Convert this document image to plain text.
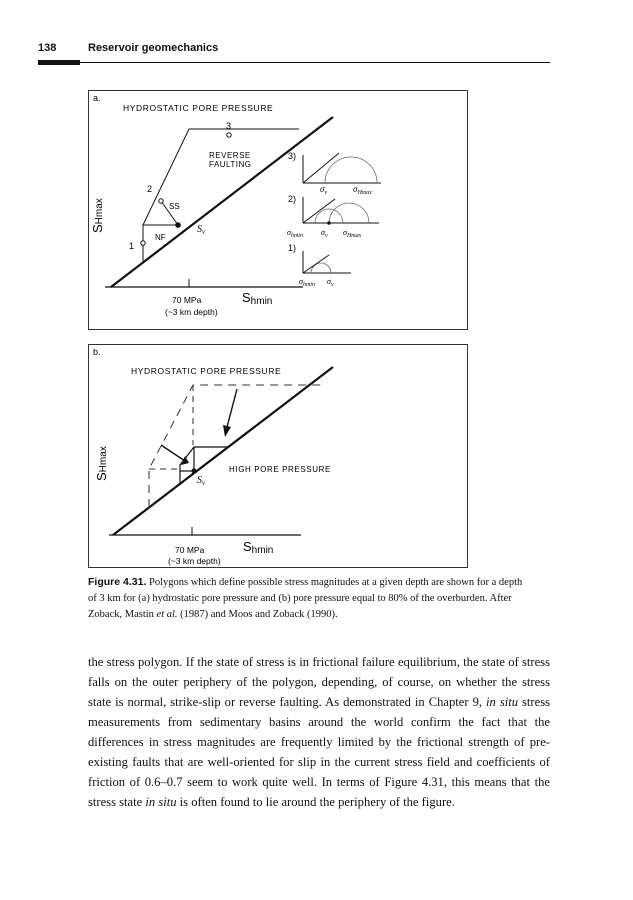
138	Reservoir geomechanics
a.
HYDROSTATIC PORE PRESSURE
1
2
3
REVERSE
FAULTING
SS
NF
$S_v$
SHmax
Shmin
70 MPa
(~3 km depth)
3)
$\sigma_v$	$\sigma_{Hmax}$
2)
$\sigma_{hmin}$ $\sigma_v$ $\sigma_{Hmax}$
1)
$\sigma_{hmin}$ $\sigma_v$
b.
HYDROSTATIC PORE PRESSURE
HIGH PORE PRESSURE
$S_v$
SHmax
Shmin
70 MPa
(~3 km depth)
Figure 4.31. Polygons which define possible stress magnitudes at a given depth are shown for a depth of 3 km for (a) hydrostatic pore pressure and (b) pore pressure equal to 80% of the overburden. After Zoback, Mastin et al. (1987) and Moos and Zoback (1990).
the stress polygon. If the state of stress is in frictional failure equilibrium, the state of stress falls on the outer periphery of the polygon, depending, of course, on whether the stress state is normal, strike-slip or reverse faulting. As demonstrated in Chapter 9, in situ stress measurements from sedimentary basins around the world confirm the fact that the differences in stress magnitudes are frequently limited by the frictional strength of pre-existing faults that are well-oriented for slip in the current stress field and coefficients of friction of 0.6–0.7 seem to work quite well. In terms of Figure 4.31, this means that the stress state in situ is often found to lie around the periphery of the figure.
